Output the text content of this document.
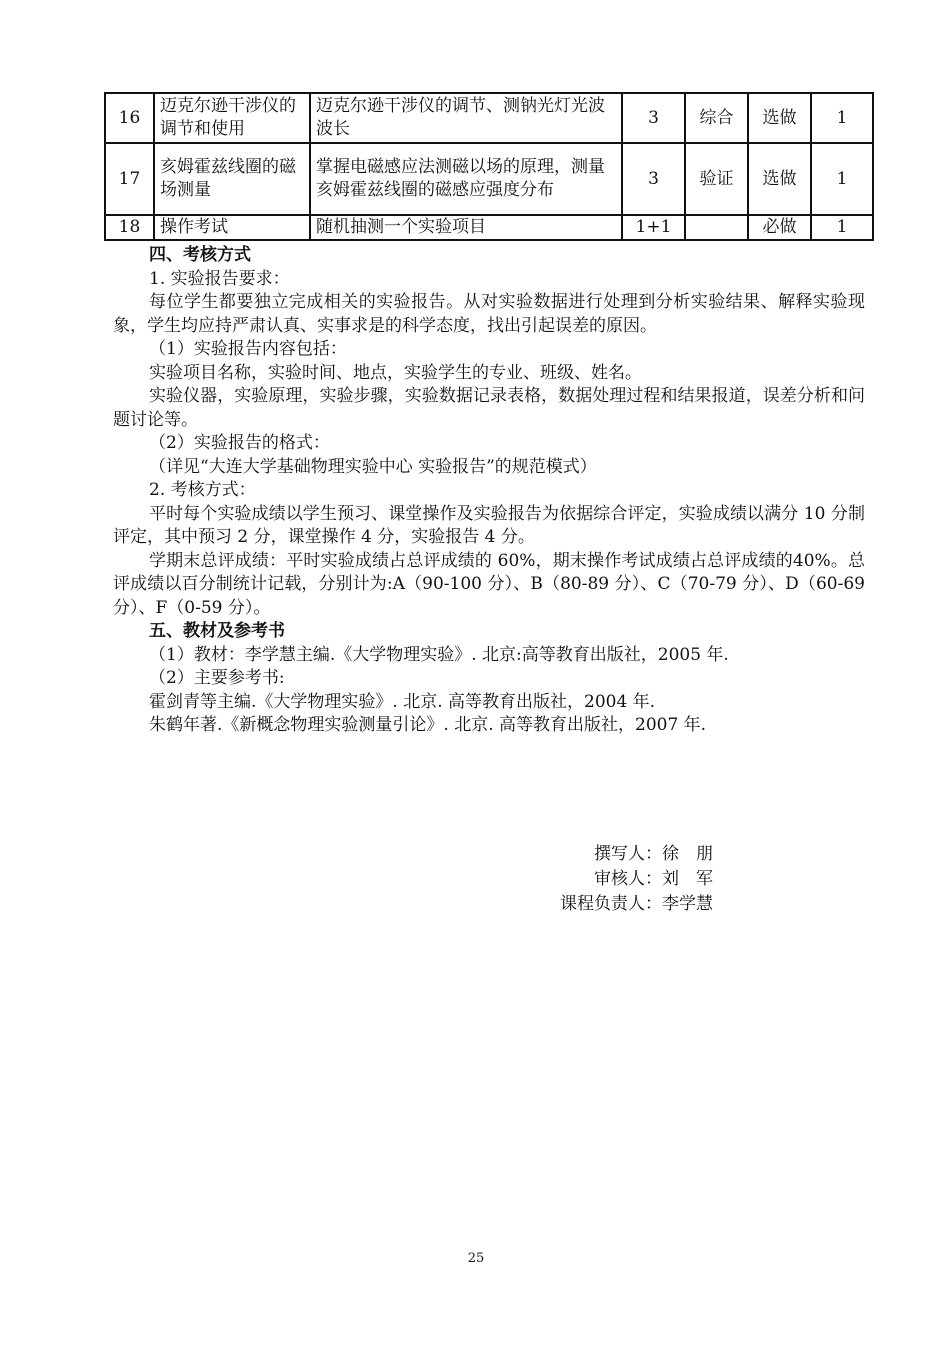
16	迈克尔逊干涉仪的调节和使用	迈克尔逊干涉仪的调节、测钠光灯光波波长	3	综合	选做	1
17	亥姆霍兹线圈的磁场测量	掌握电磁感应法测磁以场的原理，测量亥姆霍兹线圈的磁感应强度分布	3	验证	选做	1
18	操作考试	随机抽测一个实验项目	1+1		必做	1

四、考核方式

1. 实验报告要求：

每位学生都要独立完成相关的实验报告。从对实验数据进行处理到分析实验结果、解释实验现象，学生均应持严肃认真、实事求是的科学态度，找出引起误差的原因。

（1）实验报告内容包括：

实验项目名称，实验时间、地点，实验学生的专业、班级、姓名。

实验仪器，实验原理，实验步骤，实验数据记录表格，数据处理过程和结果报道，误差分析和问题讨论等。

（2）实验报告的格式：

（详见“大连大学基础物理实验中心 实验报告”的规范模式）

2. 考核方式：

平时每个实验成绩以学生预习、课堂操作及实验报告为依据综合评定，实验成绩以满分 10 分制评定，其中预习 2 分，课堂操作 4 分，实验报告 4 分。

学期末总评成绩：平时实验成绩占总评成绩的 60%，期末操作考试成绩占总评成绩的40%。总评成绩以百分制统计记载，分别计为:A（90-100 分）、B（80-89 分）、C（70-79 分）、D（60-69 分）、F（0-59 分）。

五、教材及参考书

（1）教材：李学慧主编.《大学物理实验》. 北京:高等教育出版社，2005 年.

（2）主要参考书:

霍剑青等主编.《大学物理实验》. 北京. 高等教育出版社，2004 年.

朱鹤年著.《新概念物理实验测量引论》. 北京. 高等教育出版社，2007 年.

撰写人： 徐　朋
审核人： 刘　军
课程负责人： 李学慧
25
